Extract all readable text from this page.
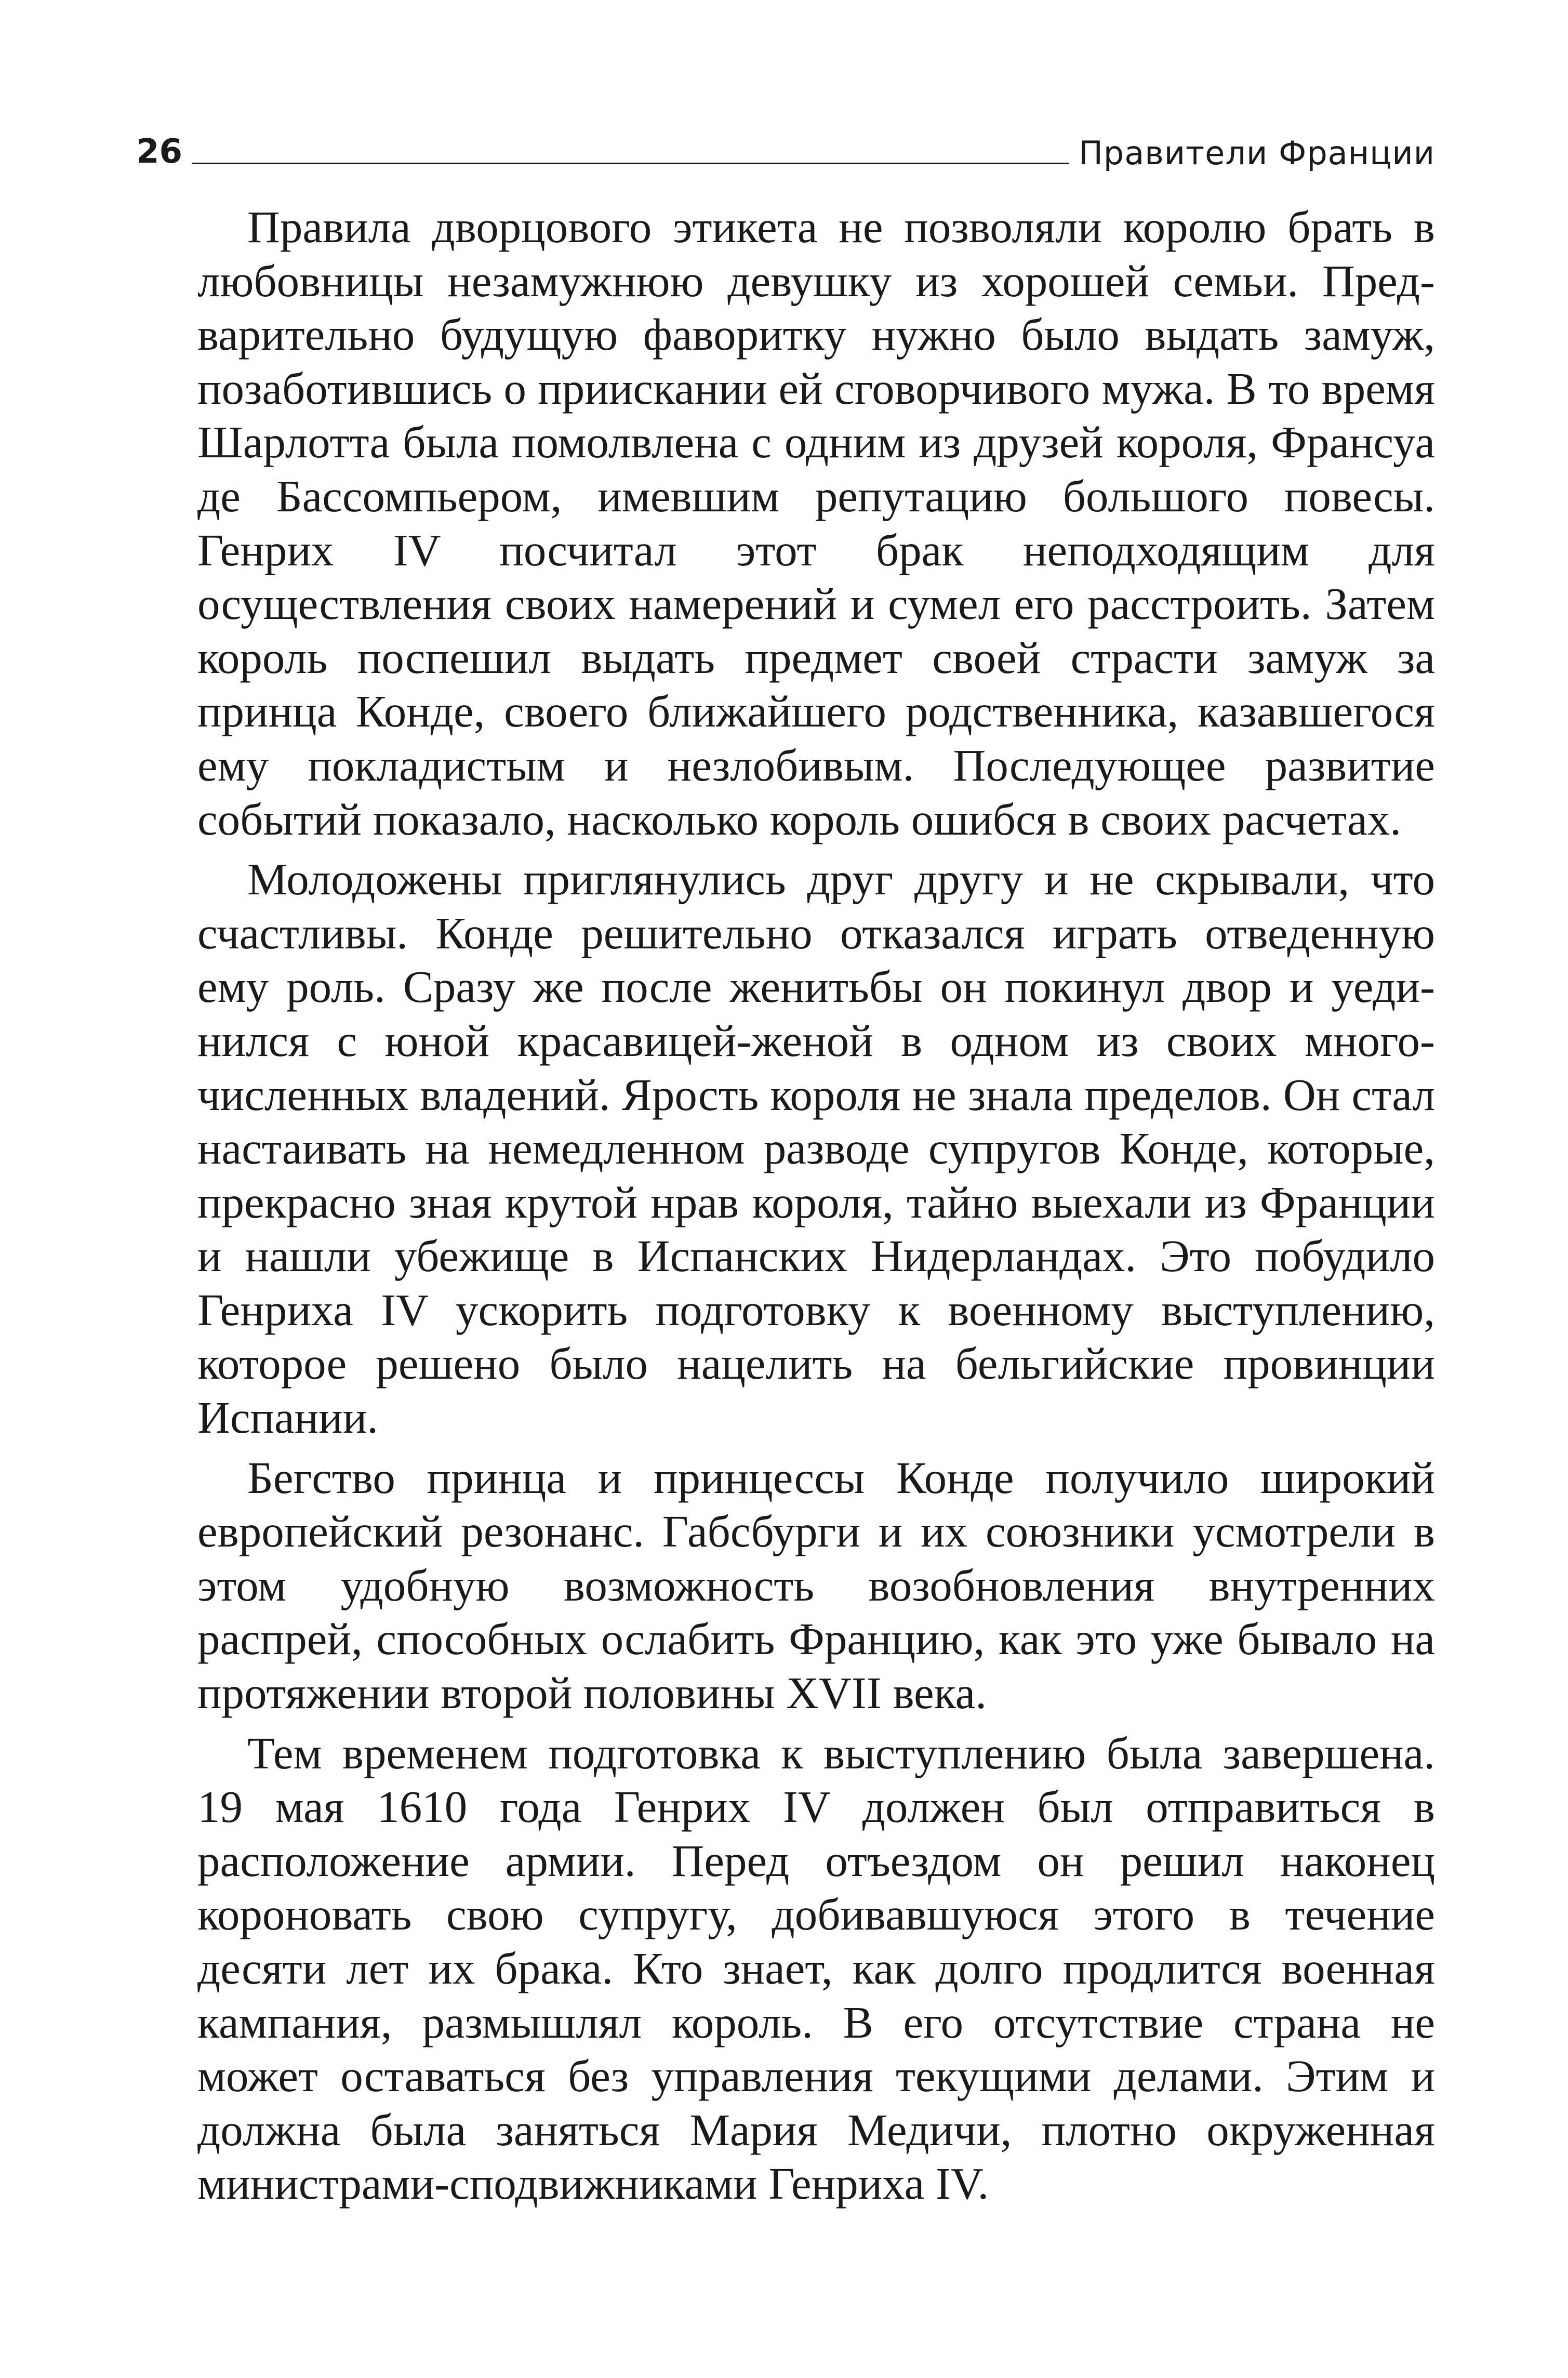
26	Правители Франции

Правила дворцового этикета не позволяли королю брать в любовницы незамужнюю девушку из хорошей семьи. Предварительно будущую фаворитку нужно было выдать замуж, позаботившись о приискании ей сговорчивого мужа. В то время Шарлотта была помолвлена с одним из друзей короля, Франсуа де Бассомпьером, имевшим репутацию большого повесы. Генрих IV посчитал этот брак неподходящим для осуществления своих намерений и сумел его расстроить. Затем король поспешил выдать предмет своей страсти замуж за принца Конде, своего ближайшего родственника, казавшегося ему покладистым и незлобивым. Последующее развитие событий показало, насколько король ошибся в своих расчетах.

Молодожены приглянулись друг другу и не скрывали, что счастливы. Конде решительно отказался играть отведенную ему роль. Сразу же после женитьбы он покинул двор и уединился с юной красавицей-женой в одном из своих многочисленных владений. Ярость короля не знала пределов. Он стал настаивать на немедленном разводе супругов Конде, которые, прекрасно зная крутой нрав короля, тайно выехали из Франции и нашли убежище в Испанских Нидерландах. Это побудило Генриха IV ускорить подготовку к военному выступлению, которое решено было нацелить на бельгийские провинции Испании.

Бегство принца и принцессы Конде получило широкий европейский резонанс. Габсбурги и их союзники усмотрели в этом удобную возможность возобновления внутренних распрей, способных ослабить Францию, как это уже бывало на протяжении второй половины XVII века.

Тем временем подготовка к выступлению была завершена. 19 мая 1610 года Генрих IV должен был отправиться в расположение армии. Перед отъездом он решил наконец короновать свою супругу, добивавшуюся этого в течение десяти лет их брака. Кто знает, как долго продлится военная кампания, размышлял король. В его отсутствие страна не может оставаться без управления текущими делами. Этим и должна была заняться Мария Медичи, плотно окруженная министрами-сподвижниками Генриха IV.
